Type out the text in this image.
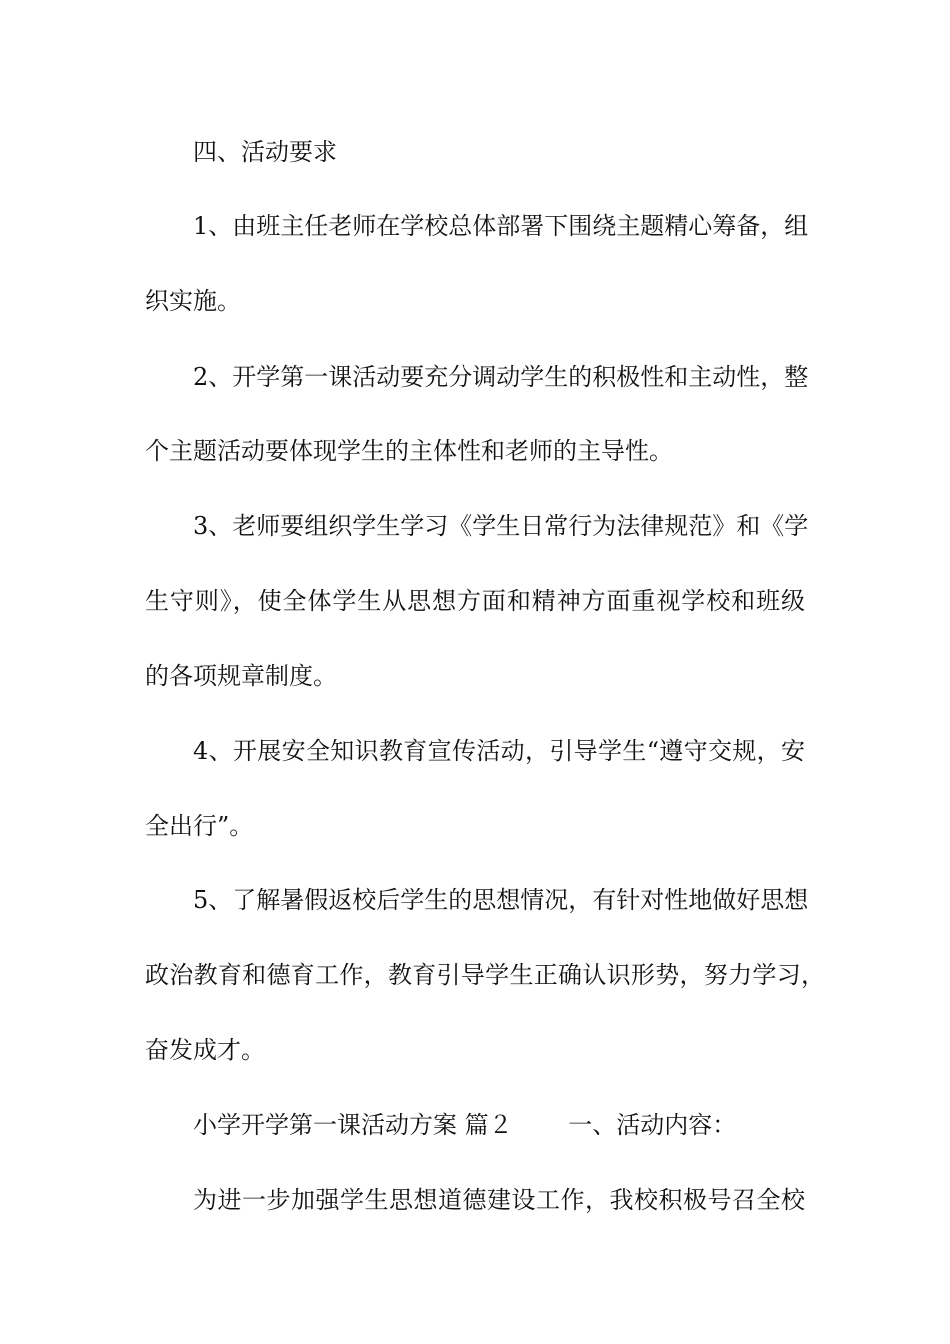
四、活动要求
1、由班主任老师在学校总体部署下围绕主题精心筹备，组
织实施。
2、开学第一课活动要充分调动学生的积极性和主动性，整
个主题活动要体现学生的主体性和老师的主导性。
3、老师要组织学生学习《学生日常行为法律规范》和《学
生守则》，使全体学生从思想方面和精神方面重视学校和班级
的各项规章制度。
4、开展安全知识教育宣传活动，引导学生“遵守交规，安
全出行”。
5、了解暑假返校后学生的思想情况，有针对性地做好思想
政治教育和德育工作，教育引导学生正确认识形势，努力学习，
奋发成才。
小学开学第一课活动方案 篇２ 一、活动内容：
为进一步加强学生思想道德建设工作，我校积极号召全校
